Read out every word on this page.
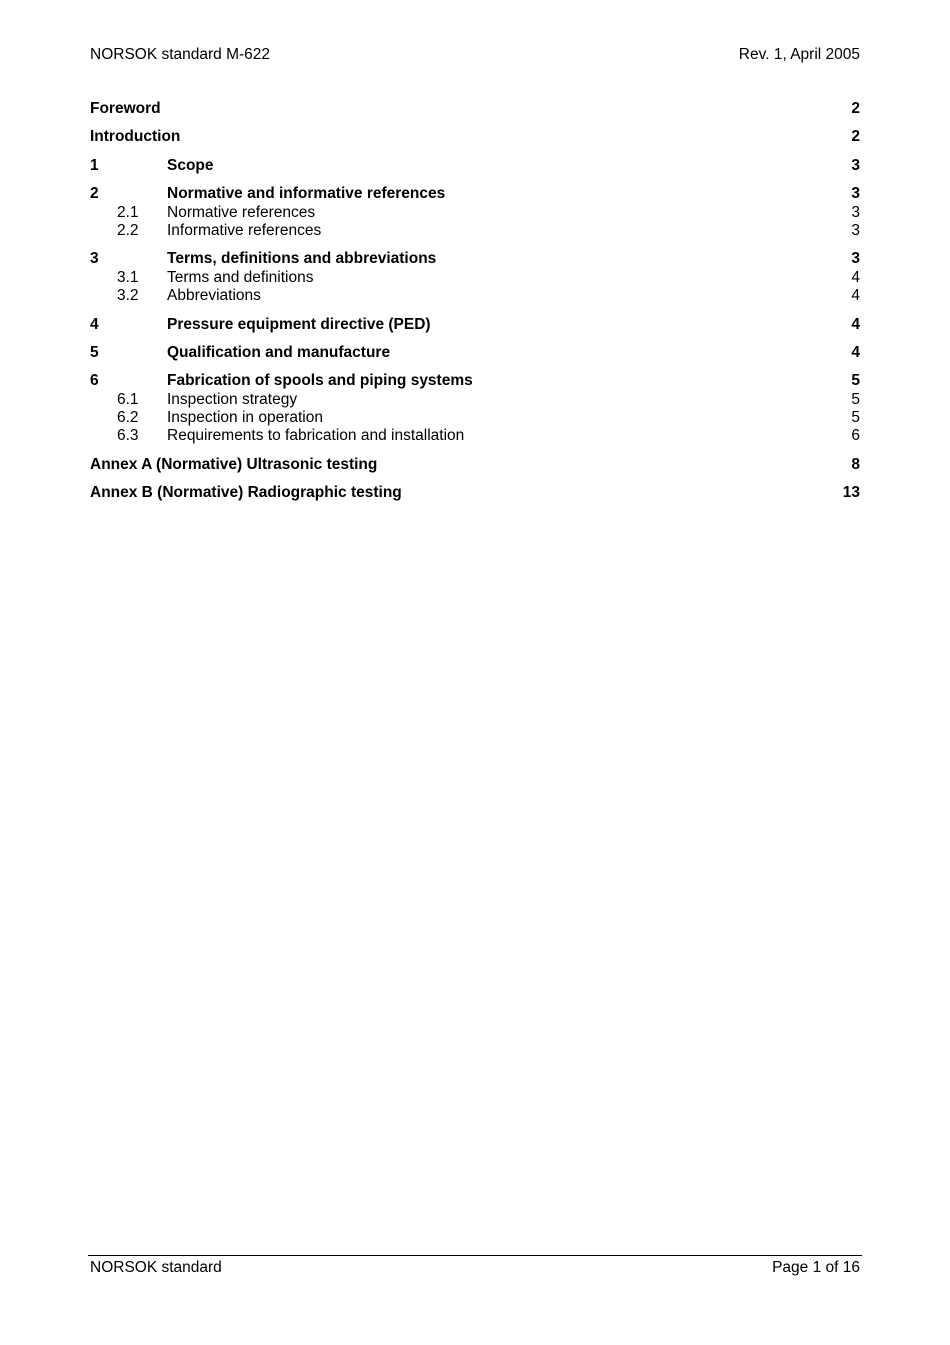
NORSOK standard M-622	Rev. 1, April 2005
Foreword	2
Introduction	2
1	Scope	3
2	Normative and informative references	3
2.1 Normative references	3
2.2 Informative references	3
3	Terms, definitions and abbreviations	3
3.1 Terms and definitions	4
3.2 Abbreviations	4
4	Pressure equipment directive (PED)	4
5	Qualification and manufacture	4
6	Fabrication of spools and piping systems	5
6.1 Inspection strategy	5
6.2 Inspection in operation	5
6.3 Requirements to fabrication and installation	6
Annex A (Normative) Ultrasonic testing	8
Annex B (Normative) Radiographic testing	13
NORSOK standard	Page 1 of 16
